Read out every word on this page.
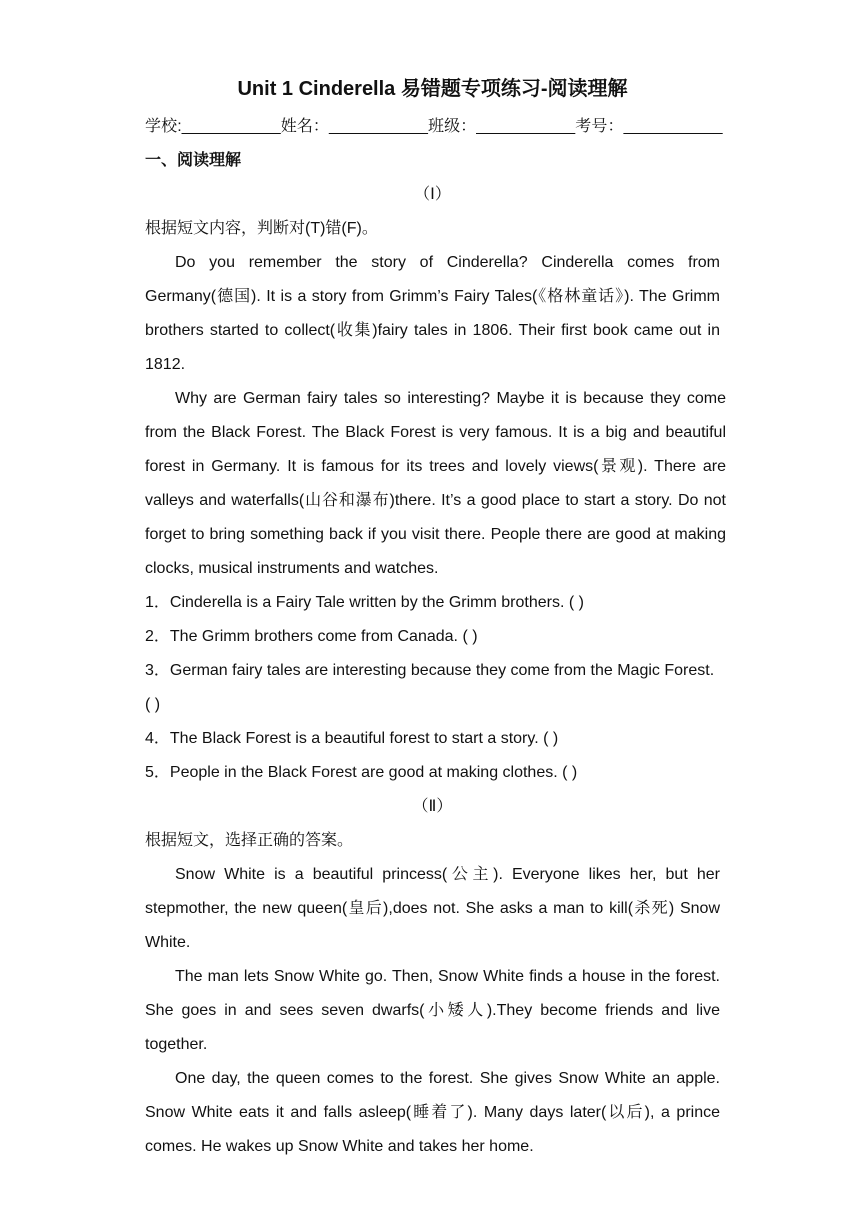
Unit 1 Cinderella 易错题专项练习-阅读理解
学校:___________姓名：___________班级：___________考号：___________
一、阅读理解
（Ⅰ）
根据短文内容，判断对(T)错(F)。

Do you remember the story of Cinderella? Cinderella comes from Germany(德国). It is a story from Grimm’s Fairy Tales(《格林童话》). The Grimm brothers started to collect(收集)fairy tales in 1806. Their first book came out in 1812.

Why are German fairy tales so interesting? Maybe it is because they come from the Black Forest. The Black Forest is very famous. It is a big and beautiful forest in Germany. It is famous for its trees and lovely views(景观). There are valleys and waterfalls(山谷和瀑布)there. It’s a good place to start a story. Do not forget to bring something back if you visit there. People there are good at making clocks, musical instruments and watches.

1．Cinderella is a Fairy Tale written by the Grimm brothers. ( )
2．The Grimm brothers come from Canada. ( )
3．German fairy tales are interesting because they come from the Magic Forest. ( )
4．The Black Forest is a beautiful forest to start a story. ( )
5．People in the Black Forest are good at making clothes. ( )
（Ⅱ）
根据短文，选择正确的答案。

Snow White is a beautiful princess(公主). Everyone likes her, but her stepmother, the new queen(皇后),does not. She asks a man to kill(杀死) Snow White.

The man lets Snow White go. Then, Snow White finds a house in the forest. She goes in and sees seven dwarfs(小矮人).They become friends and live together.

One day, the queen comes to the forest. She gives Snow White an apple. Snow White eats it and falls asleep(睡着了). Many days later(以后), a prince comes. He wakes up Snow White and takes her home.
